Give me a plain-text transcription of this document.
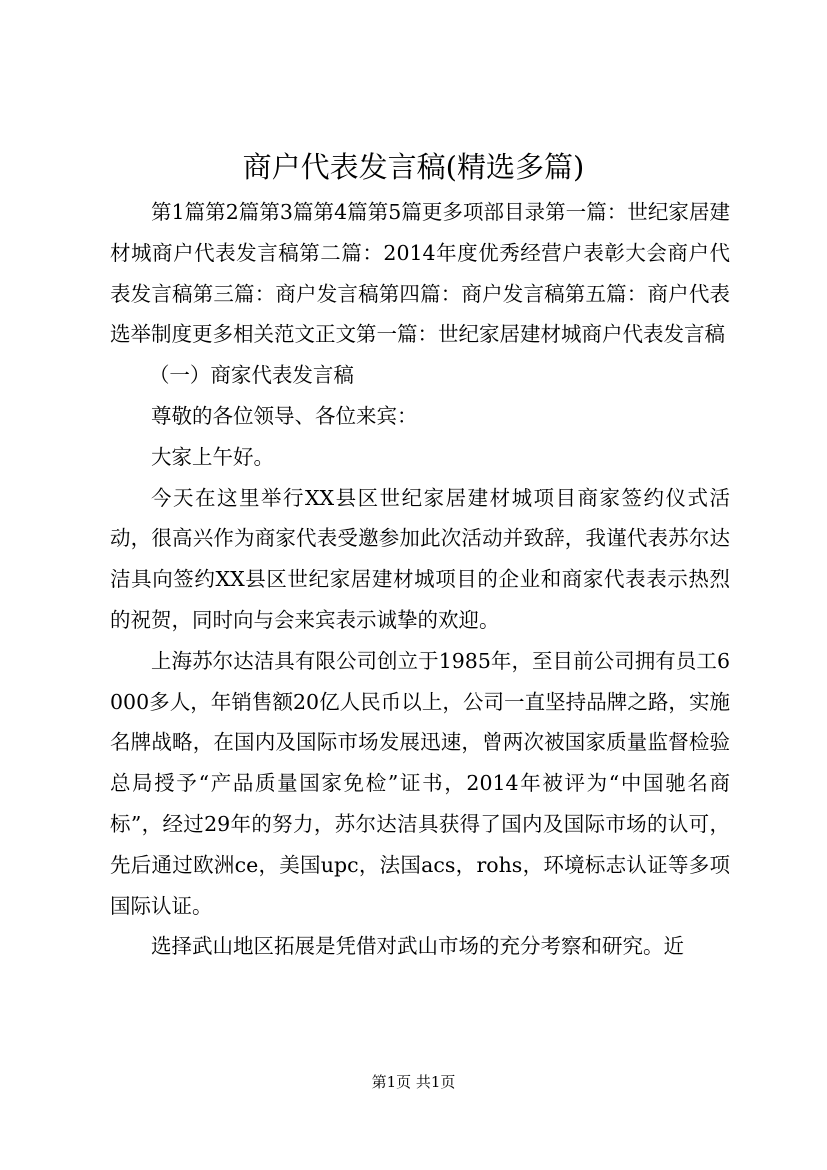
商户代表发言稿(精选多篇)

第1篇第2篇第3篇第4篇第5篇更多项部目录第一篇：世纪家居建材城商户代表发言稿第二篇：2014年度优秀经营户表彰大会商户代表发言稿第三篇：商户发言稿第四篇：商户发言稿第五篇：商户代表选举制度更多相关范文正文第一篇：世纪家居建材城商户代表发言稿

（一）商家代表发言稿

尊敬的各位领导、各位来宾：

大家上午好。

今天在这里举行XX县区世纪家居建材城项目商家签约仪式活动，很高兴作为商家代表受邀参加此次活动并致辞，我谨代表苏尔达洁具向签约XX县区世纪家居建材城项目的企业和商家代表表示热烈的祝贺，同时向与会来宾表示诚挚的欢迎。

上海苏尔达洁具有限公司创立于1985年，至目前公司拥有员工6000多人，年销售额20亿人民币以上，公司一直坚持品牌之路，实施名牌战略，在国内及国际市场发展迅速，曾两次被国家质量监督检验总局授予“产品质量国家免检”证书，2014年被评为“中国驰名商标”，经过29年的努力，苏尔达洁具获得了国内及国际市场的认可，先后通过欧洲ce，美国upc，法国acs，rohs，环境标志认证等多项国际认证。

选择武山地区拓展是凭借对武山市场的充分考察和研究。近

第1页 共1页
